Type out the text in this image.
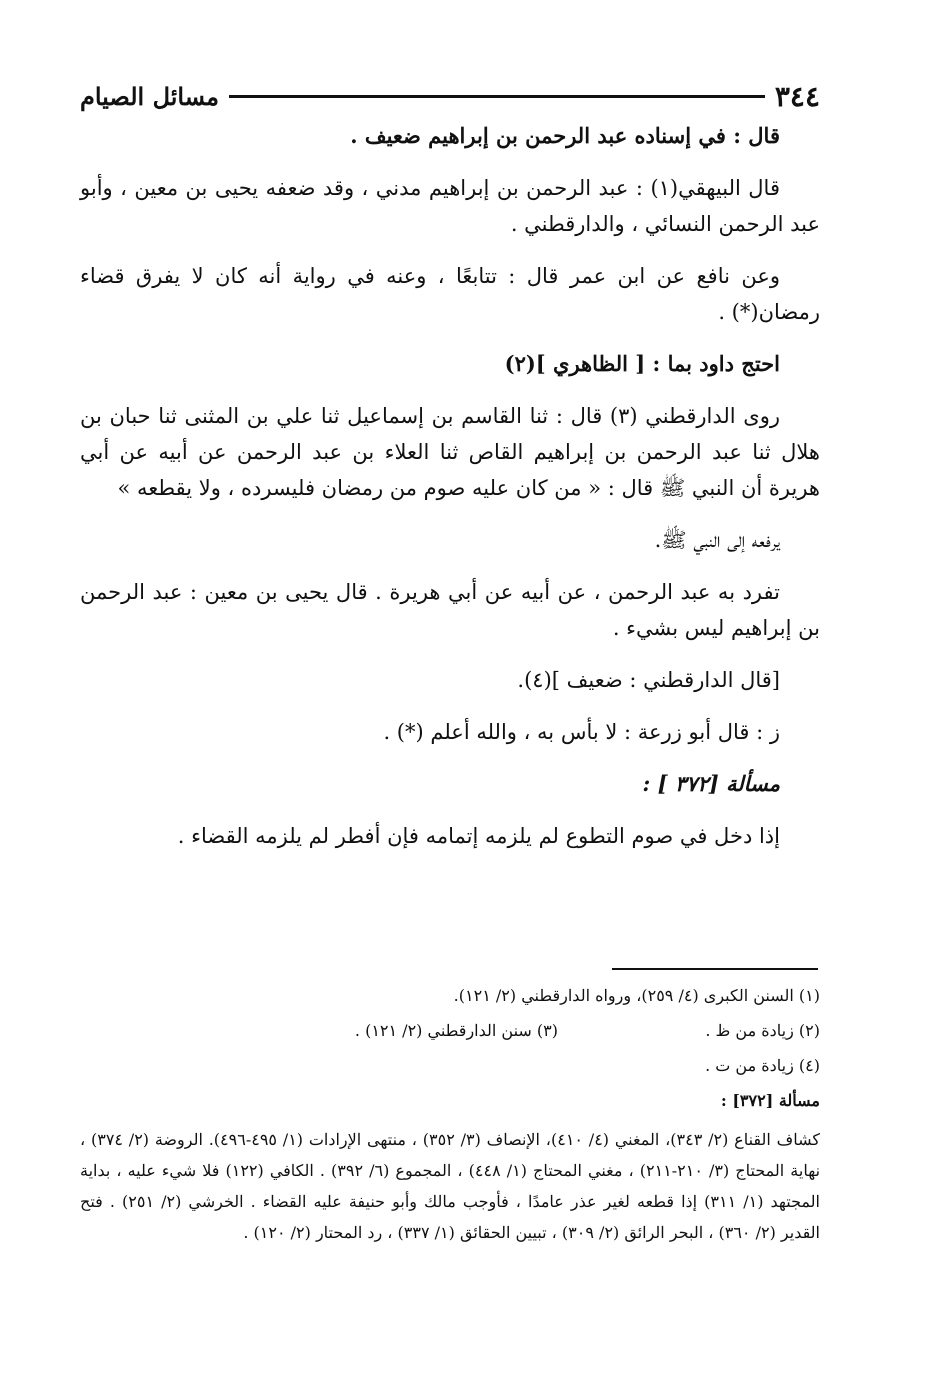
٣٤٤
مسائل الصيام

قال : في إسناده عبد الرحمن بن إبراهيم ضعيف .

قال البيهقي(١) : عبد الرحمن بن إبراهيم مدني ، وقد ضعفه يحيى بن معين ، وأبو عبد الرحمن النسائي ، والدارقطني .

وعن نافع عن ابن عمر قال : تتابعًا ، وعنه في رواية أنه كان لا يفرق قضاء رمضان(*) .

احتج داود بما : [ الظاهري ](٢)

روى الدارقطني (٣) قال : ثنا القاسم بن إسماعيل ثنا علي بن المثنى ثنا حبان بن هلال ثنا عبد الرحمن بن إبراهيم القاص ثنا العلاء بن عبد الرحمن عن أبيه عن أبي هريرة أن النبي ﷺ قال : « من كان عليه صوم من رمضان فليسرده ، ولا يقطعه »

يرفعه إلى النبي ﷺ.

تفرد به عبد الرحمن ، عن أبيه عن أبي هريرة . قال يحيى بن معين : عبد الرحمن بن إبراهيم ليس بشيء .

[قال الدارقطني : ضعيف ](٤).

ز : قال أبو زرعة : لا بأس به ، والله أعلم (*) .

مسألة [٣٧٢ ] :

إذا دخل في صوم التطوع لم يلزمه إتمامه فإن أفطر لم يلزمه القضاء .

(١) السنن الكبرى (٤/ ٢٥٩)، ورواه الدارقطني (٢/ ١٢١).
(٢) زيادة من ظ .
(٣) سنن الدارقطني (٢/ ١٢١) .
(٤) زيادة من ت .
مسألة [٣٧٢] :
كشاف القناع (٢/ ٣٤٣)، المغني (٤/ ٤١٠)، الإنصاف (٣/ ٣٥٢) ، منتهى الإرادات (١/ ٤٩٥-٤٩٦). الروضة (٢/ ٣٧٤) ، نهاية المحتاج (٣/ ٢١٠-٢١١) ، مغني المحتاج (١/ ٤٤٨) ، المجموع (٦/ ٣٩٢) . الكافي (١٢٢) فلا شيء عليه ، بداية المجتهد (١/ ٣١١) إذا قطعه لغير عذر عامدًا ، فأوجب مالك وأبو حنيفة عليه القضاء . الخرشي (٢/ ٢٥١) . فتح القدير (٢/ ٣٦٠) ، البحر الرائق (٢/ ٣٠٩) ، تبيين الحقائق (١/ ٣٣٧) ، رد المحتار (٢/ ١٢٠) .
